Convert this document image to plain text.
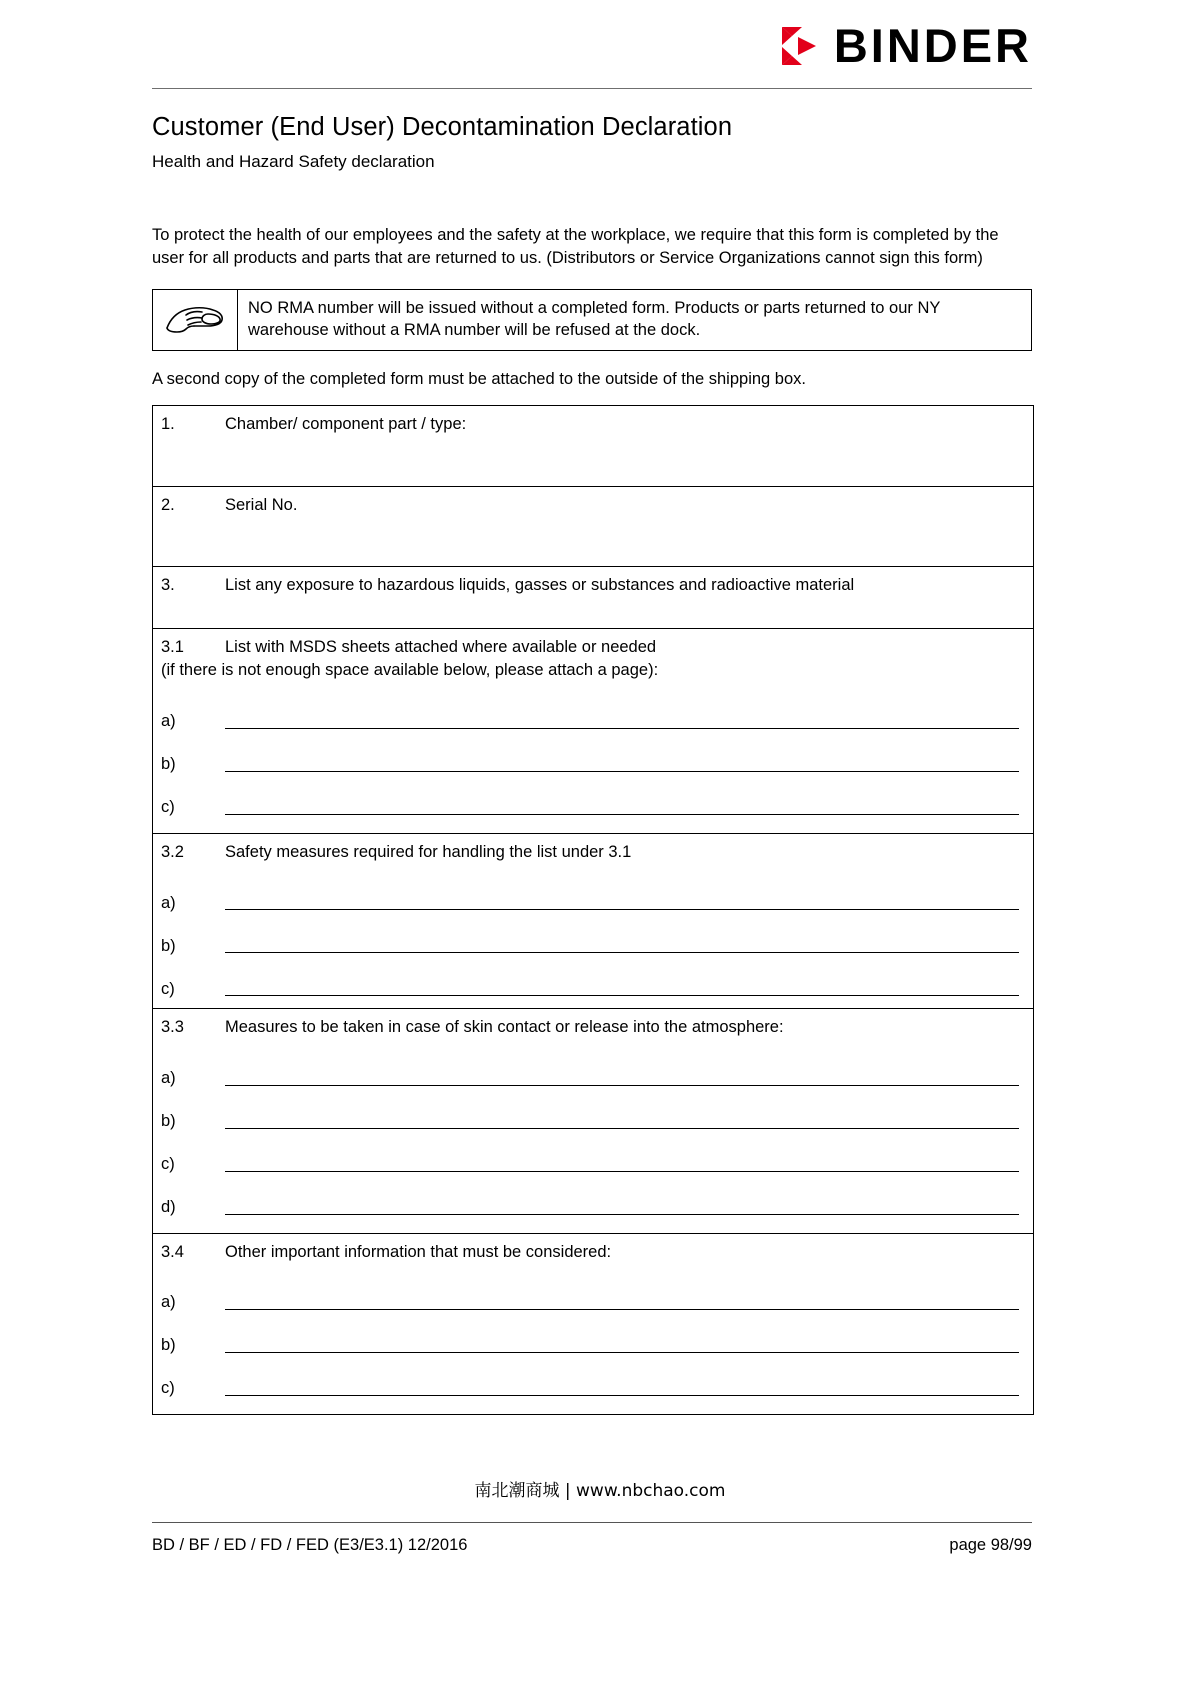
BINDER
Customer (End User) Decontamination Declaration
Health and Hazard Safety declaration
To protect the health of our employees and the safety at the workplace, we require that this form is completed by the user for all products and parts that are returned to us. (Distributors or Service Organizations cannot sign this form)
NO RMA number will be issued without a completed form. Products or parts returned to our NY warehouse without a RMA number will be refused at the dock.
A second copy of the completed form must be attached to the outside of the shipping box.
1.	Chamber/ component part / type:
2.	Serial No.
3.	List any exposure to hazardous liquids, gasses or substances and radioactive material
3.1	List with MSDS sheets attached where available or needed
(if there is not enough space available below, please attach a page):
a)
b)
c)
3.2	Safety measures required for handling the list under 3.1
a)
b)
c)
3.3	Measures to be taken in case of skin contact or release into the atmosphere:
a)
b)
c)
d)
3.4	Other important information that must be considered:
a)
b)
c)
南北潮商城 | www.nbchao.com
BD / BF / ED / FD / FED (E3/E3.1) 12/2016	page 98/99
